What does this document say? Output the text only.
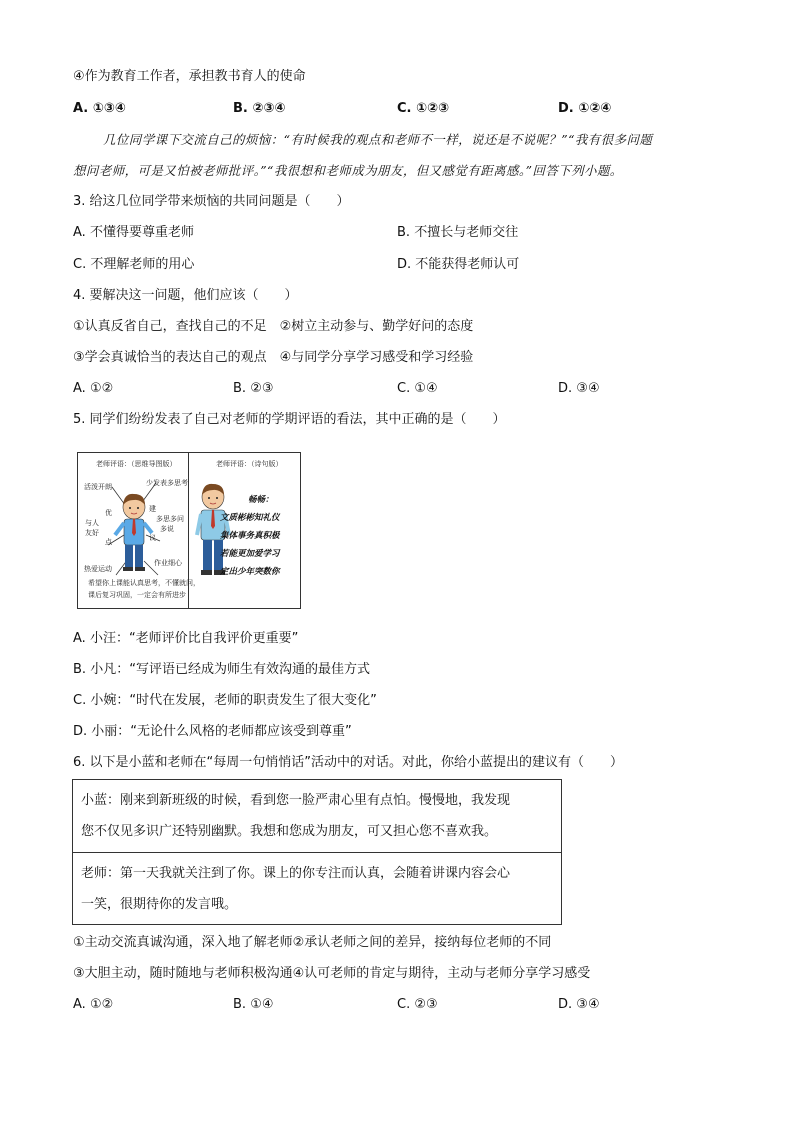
④作为教育工作者，承担教书育人的使命
A. ①③④	B. ②③④	C. ①②③	D. ①②④
几位同学课下交流自己的烦恼：“有时候我的观点和老师不一样，说还是不说呢？”“我有很多问题
想问老师，可是又怕被老师批评。”“我很想和老师成为朋友，但又感觉有距离感。”回答下列小题。
3. 给这几位同学带来烦恼的共同问题是（　　）
A. 不懂得要尊重老师	B. 不擅长与老师交往
C. 不理解老师的用心	D. 不能获得老师认可
4. 要解决这一问题，他们应该（　　）
①认真反省自己，查找自己的不足　②树立主动参与、勤学好问的态度
③学会真诚恰当的表达自己的观点　④与同学分享学习感受和学习经验
A. ①②	B. ②③	C. ①④	D. ③④
5. 同学们纷纷发表了自己对老师的学期评语的看法，其中正确的是（　　）
老师评语：（思维导图版）	老师评语：（诗句版）
活泼开朗	少发表多思考
与人
友好
优
点
建
议
多思多问
多说
热爱运动
作业细心
希望你上课能认真思考，不懂就问，
课后复习巩固，一定会有所进步
畅畅：
文质彬彬知礼仪
集体事务真积极
若能更加爱学习
定出少年突数你
A. 小汪：“老师评价比自我评价更重要”
B. 小凡：“写评语已经成为师生有效沟通的最佳方式
C. 小婉：“时代在发展，老师的职责发生了很大变化”
D. 小丽：“无论什么风格的老师都应该受到尊重”
6. 以下是小蓝和老师在“每周一句悄悄话”活动中的对话。对此，你给小蓝提出的建议有（　　）
小蓝：刚来到新班级的时候，看到您一脸严肃心里有点怕。慢慢地，我发现
您不仅见多识广还特别幽默。我想和您成为朋友，可又担心您不喜欢我。
老师：第一天我就关注到了你。课上的你专注而认真，会随着讲课内容会心
一笑，很期待你的发言哦。
①主动交流真诚沟通，深入地了解老师②承认老师之间的差异，接纳每位老师的不同
③大胆主动，随时随地与老师积极沟通④认可老师的肯定与期待，主动与老师分享学习感受
A. ①②	B. ①④	C. ②③	D. ③④
